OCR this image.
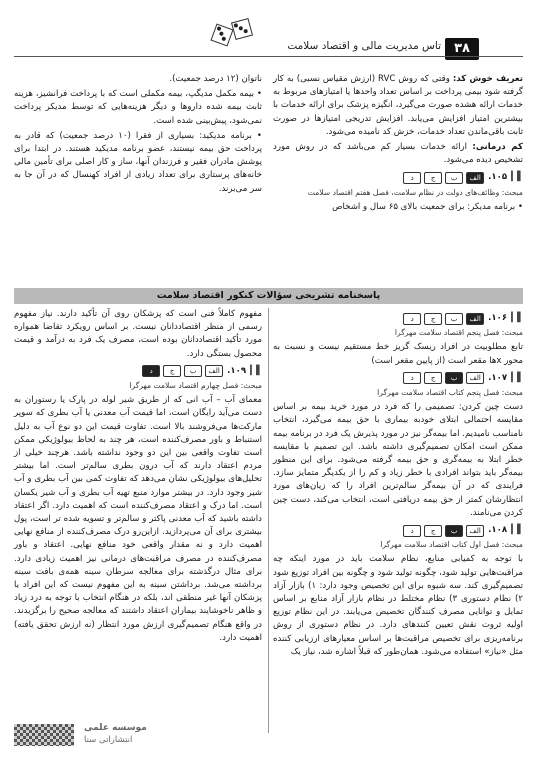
تاس مدیریت مالی و اقتصاد سلامت	۳۸

تعریف خوش کد: وقتی که روش RVC (ارزش مقیاس نسبی) به کار گرفته شود بیمی پرداخت بر اساس تعداد واحدها یا امتیازهای مربوط به خدمات ارائه هشده صورت می‌گیرد، انگیزه پزشک برای ارائه خدمات با بیشترین امتیاز افزایش می‌یابد. افزایش تدریجی امتیازها در صورت ثابت باقی‌ماندن تعداد خدمات، خزش کد نامیده می‌شود.

کم درمانی: ارائه خدمات بسیار کم می‌باشد که در روش مورد تشخیص دیده می‌شود.

▌▎
۱۰۵.
الف
ب
ج
د
مبحث: وظائف‌های دولت در نظام سلامت، فصل هفتم اقتصاد سلامت

• برنامه مدیکر: برای جمعیت بالای ۶۵ سال و اشخاص

ناتوان (۱۲ درصد جمعیت).

• بیمه مکمل مدیگپ، بیمه مکملی است که با پرداخت فرانشیز، هزینه ثابت بیمه شده داروها و دیگر هزینه‌هایی که توسط مدیکر پرداخت نمی‌شود، پیش‌بینی شده است.

• برنامه مدیکید: بسیاری از فقرا (۱۰ درصد جمعیت) که قادر به پرداخت حق بیمه نیستند، عضو برنامه مدیکید هستند. در ابتدا برای پوشش مادران فقیر و فرزندان آنها، ساز و کار اصلی برای تأمین مالی خانه‌های پرستاری برای تعداد زیادی از افراد کهنسال که در آن جا به سر می‌برند.

پاسخنامه تشریحی سؤالات کنکور اقتصاد سلامت
▌▎
۱۰۶.
الف
ب
ج
د
مبحث: فصل پنجم اقتصاد سلامت مهرگرا

تابع مطلوبیت در افراد ریسک گریز خط مستقیم نیست و نسبت به محور xها مقعر است (از پایین مقعر است)

▌▎
۱۰۷.
الف
ب
ج
د
مبحث: فصل پنجم کتاب اقتصاد سلامت مهرگرا

دست چین کردن: تصمیمی را که فرد در مورد خرید بیمه بر اساس مقایسه احتمالی ابتلای خودبه بیماری با حق بیمه می‌گیرد، انتخاب نامناسب نامیدیم. اما بیمه‌گر نیز در مورد پذیرش یک فرد در برنامه بیمه ممکن است امکان تصمیم‌گیری داشته باشد. این تصمیم با مقایسه خطر ابتلا به بیمه‌گری و حق بیمه گرفته می‌شود. برای این منظور بیمه‌گر باید بتواند افرادی با خطر زیاد و کم را از یکدیگر متمایز سازد. فرایندی که در آن بیمه‌گر سالم‌ترین افراد را که زیان‌های مورد انتظارشان کمتر از حق بیمه دریافتی است، انتخاب می‌کند، دست چین کردن می‌نامند.

▌▎
۱۰۸.
الف
ب
ج
د
مبحث: فصل اول کتاب اقتصاد سلامت مهرگرا

با توجه به کمیابی منابع، نظام سلامت باید در مورد اینکه چه مراقبت‌هایی تولید شود، چگونه تولید شود و چگونه بین افراد توزیع شود تصمیم‌گیری کند. سه شیوه برای این تخصیص وجود دارد: ۱) بازار آزاد ۲) نظام دستوری ۳) نظام مختلط در نظام بازار آزاد منابع بر اساس تمایل و توانایی مصرف کنندگان تخصیص می‌یابند. در این نظام توزیع اولیه ثروت نقش تعیین کنندهای دارد. در نظام دستوری از روش برنامه‌ریزی برای تخصیص مراقبت‌ها بر اساس معیارهای ارزیابی کننده مثل «نیاز» استفاده می‌شود. همان‌طور که قبلاً اشاره شد، نیاز یک

مفهوم کاملاً فنی است که پزشکان روی آن تأکید دارند. نیاز مفهوم رسمی از منظر اقتصاددانان نیست. بر اساس رویکرد تقاضا همواره مورد تأکید اقتصاددانان بوده است، مصرف یک فرد به درآمد و قیمت محصول بستگی دارد.

▌▎
۱۰۹.
الف
ب
ج
د
مبحث: فصل چهارم اقتصاد سلامت مهرگرا

معمای آب – آب انی که از طریق شیر لوله در پارک یا رستوران به دست می‌آید رایگان است، اما قیمت آب معدنی یا آب بطری که سوپر مارکت‌ها می‌فروشند بالا است. تفاوت قیمت این دو نوع آب به دلیل استنباط و باور مصرف‌کننده است، هر چند به لحاظ بیولوژیکی ممکن است تفاوت واقعی بین این دو وجود نداشته باشد. هرچند خیلی از مردم اعتقاد دارند که آب درون بطری سالم‌تر است. اما بیشتر تحلیل‌های بیولوژیکی نشان می‌دهد که تفاوت کمی بین آب بطری و آب شیر وجود دارد. در بیشتر موارد منبع تهیه آب بطری و آب شیر یکسان است. اما درک و اعتقاد مصرف‌کننده است که اهمیت دارد. اگر اعتقاد داشته باشید که آب معدنی پاکتر و سالم‌تر و تسویه شده تر است، پول بیشتری برای آن می‌پردازید. ازاین‌رو درک مصرف‌کننده از منافع نهایی اهمیت دارد و نه مقدار واقعی خود منافع نهایی. اعتقاد و باور مصرف‌کننده در مصرف مراقبت‌های درمانی نیز اهمیت زیادی دارد. برای مثال درگذشته برای معالجه سرطان سینه همه‌ی بافت سینه برداشته می‌شد. برداشتن سینه به این مفهوم نیست که این افراد یا پزشکان آنها غیر منطقی اند، بلکه در هنگام انتخاب با توجه به درد زیاد و ظاهر ناخوشایند بیماران اعتقاد داشتند که معالجه صحیح را برگزیدند. در واقع هنگام تصمیم‌گیری ارزش مورد انتظار (نه ارزش تحقق یافته) اهمیت دارد.

موسسه علمی
انتشاراتی سنا
